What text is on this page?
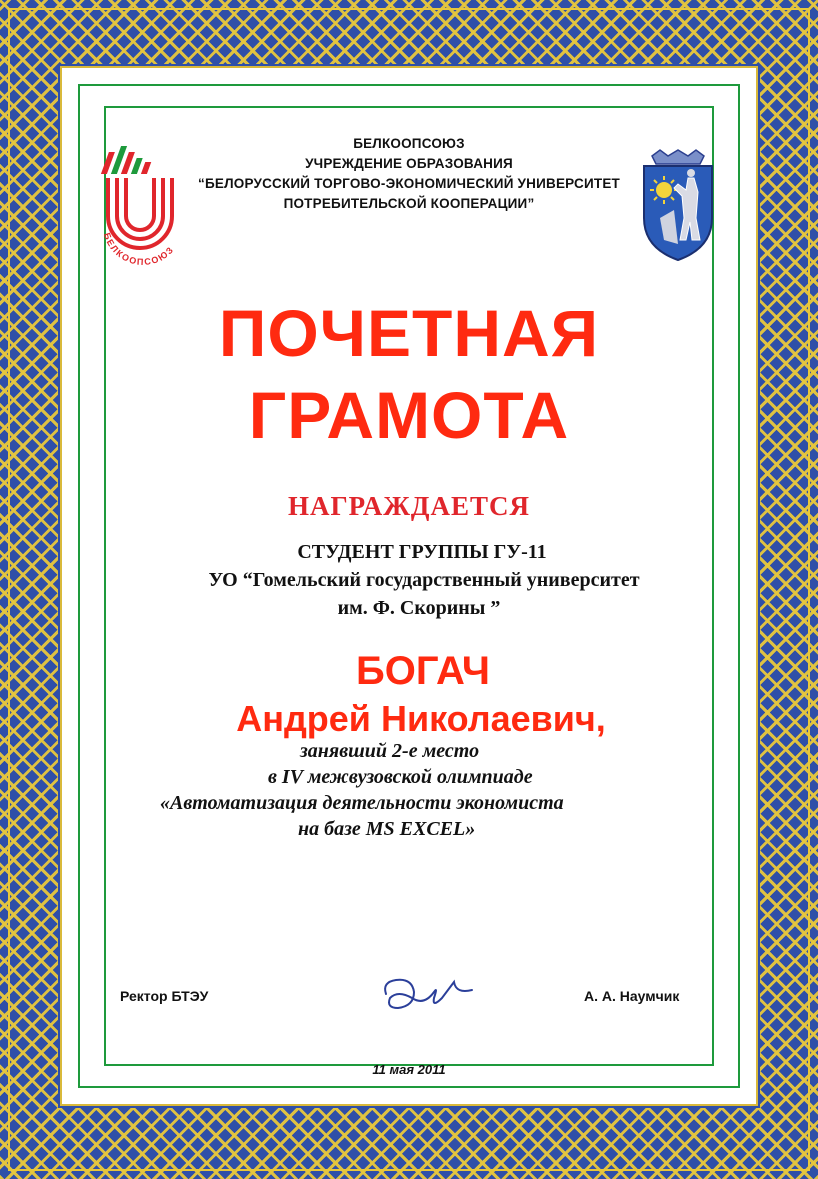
БЕЛКООПСОЮЗ
БЕЛКООПСОЮЗ
УЧРЕЖДЕНИЕ ОБРАЗОВАНИЯ
“БЕЛОРУССКИЙ ТОРГОВО-ЭКОНОМИЧЕСКИЙ УНИВЕРСИТЕТ
ПОТРЕБИТЕЛЬСКОЙ КООПЕРАЦИИ”
ПОЧЕТНАЯ
ГРАМОТА
НАГРАЖДАЕТСЯ
СТУДЕНТ ГРУППЫ ГУ-11
УО “Гомельский государственный университет
им. Ф. Скорины ”
БОГАЧ
Андрей Николаевич,
занявший 2-е место
в IV межвузовской олимпиаде
«Автоматизация деятельности экономиста
на базе MS EXCEL»
Ректор БТЭУ	А. А. Наумчик
11 мая 2011
